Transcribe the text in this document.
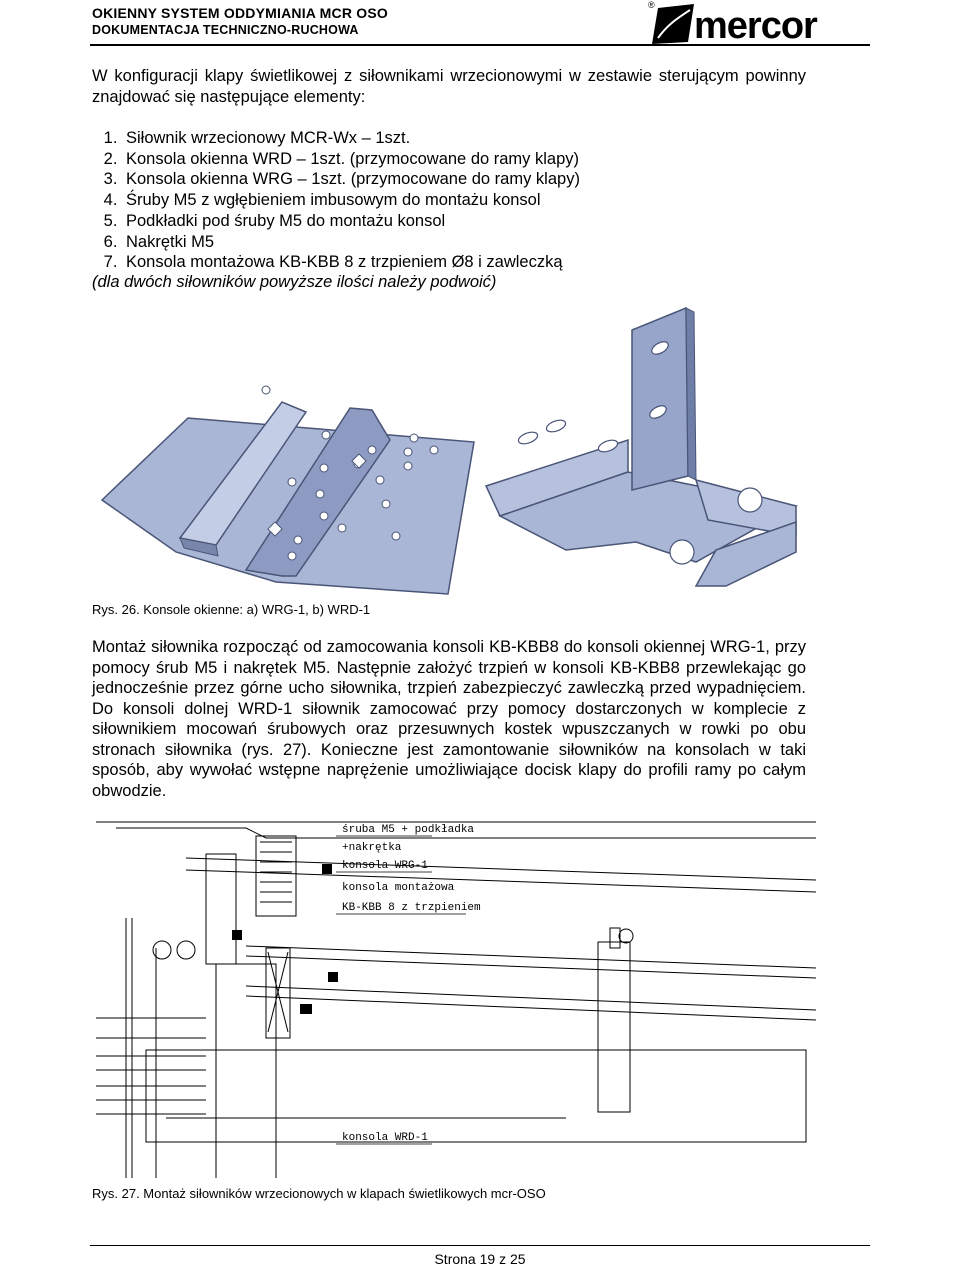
OKIENNY SYSTEM ODDYMIANIA MCR OSO
DOKUMENTACJA TECHNICZNO-RUCHOWA
® mercor
W konfiguracji klapy świetlikowej z siłownikami wrzecionowymi w zestawie sterującym powinny znajdować się następujące elementy:
1. Siłownik wrzecionowy MCR-Wx – 1szt.
2. Konsola okienna WRD – 1szt. (przymocowane do ramy klapy)
3. Konsola okienna WRG – 1szt. (przymocowane do ramy klapy)
4. Śruby M5 z wgłębieniem imbusowym do montażu konsol
5. Podkładki pod śruby M5 do montażu konsol
6. Nakrętki M5
7. Konsola montażowa KB-KBB 8 z trzpieniem Ø8 i zawleczką
(dla dwóch siłowników powyższe ilości należy podwoić)
Rys. 26. Konsole okienne: a) WRG-1, b) WRD-1
Montaż siłownika rozpocząć od zamocowania konsoli KB-KBB8 do konsoli okiennej WRG-1, przy pomocy śrub M5 i nakrętek M5. Następnie założyć trzpień w konsoli KB-KBB8 przewlekając go jednocześnie przez górne ucho siłownika, trzpień zabezpieczyć zawleczką przed wypadnięciem. Do konsoli dolnej WRD-1 siłownik zamocować przy pomocy dostarczonych w komplecie z siłownikiem mocowań śrubowych oraz przesuwnych kostek wpuszczanych w rowki po obu stronach siłownika (rys. 27). Konieczne jest zamontowanie siłowników na konsolach w taki sposób, aby wywołać wstępne naprężenie umożliwiające docisk klapy do profili ramy po całym obwodzie.
śruba M5 + podkładka
+nakrętka
konsola WRG-1
konsola montażowa
KB-KBB 8 z trzpieniem
konsola WRD-1
Rys. 27. Montaż siłowników wrzecionowych w klapach świetlikowych mcr-OSO
Strona 19 z 25
